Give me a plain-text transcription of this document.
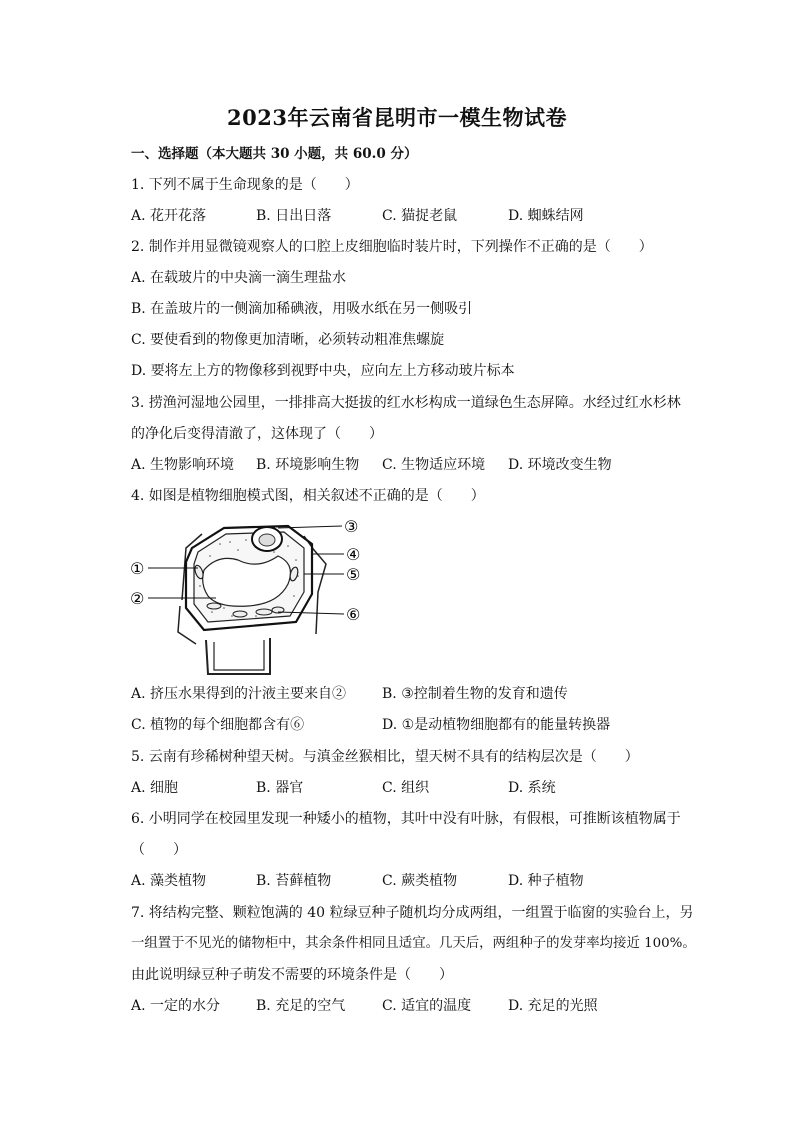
2023年云南省昆明市一模生物试卷
一、选择题（本大题共 30 小题，共 60.0 分）
1. 下列不属于生命现象的是（　　）
A. 花开花落	B. 日出日落	C. 猫捉老鼠	D. 蜘蛛结网
2. 制作并用显微镜观察人的口腔上皮细胞临时装片时，下列操作不正确的是（　　）
A. 在载玻片的中央滴一滴生理盐水
B. 在盖玻片的一侧滴加稀碘液，用吸水纸在另一侧吸引
C. 要使看到的物像更加清晰，必须转动粗准焦螺旋
D. 要将左上方的物像移到视野中央，应向左上方移动玻片标本
3. 捞渔河湿地公园里，一排排高大挺拔的红水杉构成一道绿色生态屏障。水经过红水杉林
的净化后变得清澈了，这体现了（　　）
A. 生物影响环境 B. 环境影响生物 C. 生物适应环境 D. 环境改变生物
4. 如图是植物细胞模式图，相关叙述不正确的是（　　）
①
②
③
④
⑤
⑥
A. 挤压水果得到的汁液主要来自②	B. ③控制着生物的发育和遗传
C. 植物的每个细胞都含有⑥	D. ①是动植物细胞都有的能量转换器
5. 云南有珍稀树种望天树。与滇金丝猴相比，望天树不具有的结构层次是（　　）
A. 细胞	B. 器官	C. 组织	D. 系统
6. 小明同学在校园里发现一种矮小的植物，其叶中没有叶脉，有假根，可推断该植物属于
（　　）
A. 藻类植物	B. 苔藓植物	C. 蕨类植物	D. 种子植物
7. 将结构完整、颗粒饱满的 40 粒绿豆种子随机均分成两组，一组置于临窗的实验台上，另
一组置于不见光的储物柜中，其余条件相同且适宜。几天后，两组种子的发芽率均接近 100%。
由此说明绿豆种子萌发不需要的环境条件是（　　）
A. 一定的水分	B. 充足的空气	C. 适宜的温度	D. 充足的光照
